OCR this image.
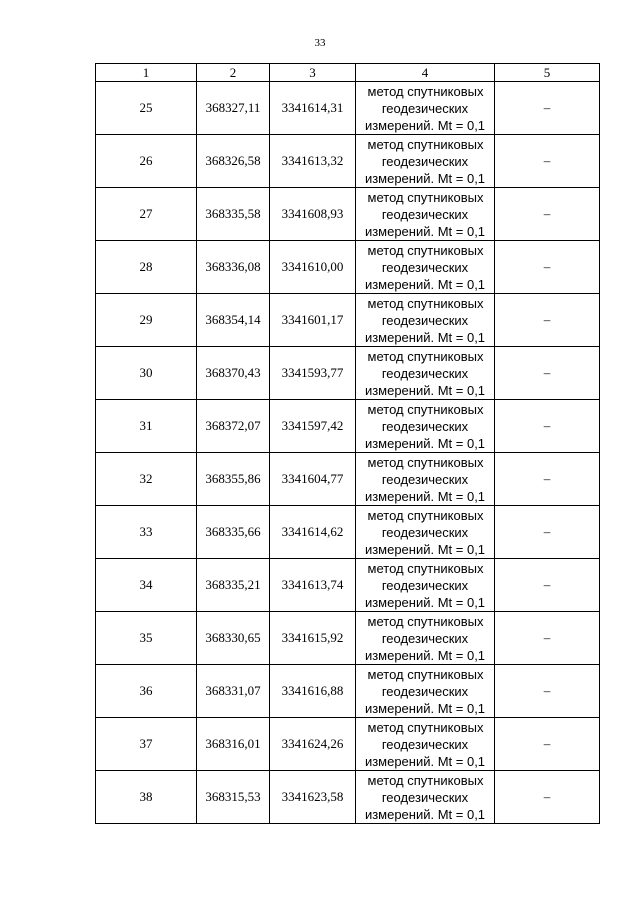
33
1	2	3	4	5
25	368327,11	3341614,31	метод спутниковых
геодезических
измерений. Mt = 0,1	–
26	368326,58	3341613,32	метод спутниковых
геодезических
измерений. Mt = 0,1	–
27	368335,58	3341608,93	метод спутниковых
геодезических
измерений. Mt = 0,1	–
28	368336,08	3341610,00	метод спутниковых
геодезических
измерений. Mt = 0,1	–
29	368354,14	3341601,17	метод спутниковых
геодезических
измерений. Mt = 0,1	–
30	368370,43	3341593,77	метод спутниковых
геодезических
измерений. Mt = 0,1	–
31	368372,07	3341597,42	метод спутниковых
геодезических
измерений. Mt = 0,1	–
32	368355,86	3341604,77	метод спутниковых
геодезических
измерений. Mt = 0,1	–
33	368335,66	3341614,62	метод спутниковых
геодезических
измерений. Mt = 0,1	–
34	368335,21	3341613,74	метод спутниковых
геодезических
измерений. Mt = 0,1	–
35	368330,65	3341615,92	метод спутниковых
геодезических
измерений. Mt = 0,1	–
36	368331,07	3341616,88	метод спутниковых
геодезических
измерений. Mt = 0,1	–
37	368316,01	3341624,26	метод спутниковых
геодезических
измерений. Mt = 0,1	–
38	368315,53	3341623,58	метод спутниковых
геодезических
измерений. Mt = 0,1	–
